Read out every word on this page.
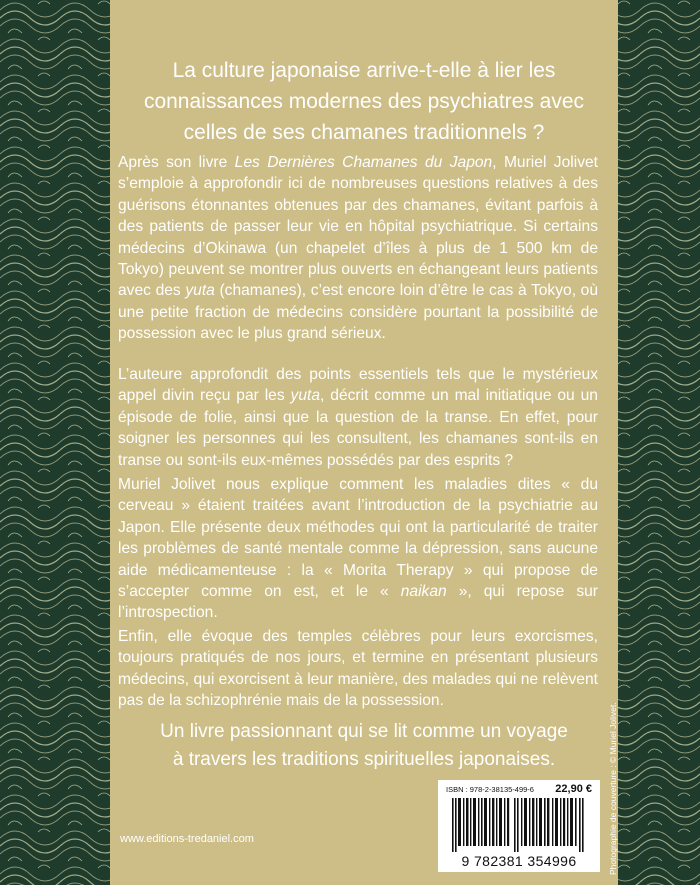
La culture japonaise arrive-t-elle à lier les
connaissances modernes des psychiatres avec
celles de ses chamanes traditionnels ?

Après son livre Les Dernières Chamanes du Japon, Muriel Jolivet s’emploie à approfondir ici de nombreuses questions relatives à des guérisons étonnantes obtenues par des chamanes, évitant parfois à des patients de passer leur vie en hôpital psychiatrique. Si certains médecins d’Okinawa (un chapelet d’îles à plus de 1 500 km de Tokyo) peuvent se montrer plus ouverts en échangeant leurs patients avec des yuta (chamanes), c’est encore loin d’être le cas à Tokyo, où une petite fraction de médecins considère pourtant la possibilité de possession avec le plus grand sérieux.

L’auteure approfondit des points essentiels tels que le mystérieux appel divin reçu par les yuta, décrit comme un mal initiatique ou un épisode de folie, ainsi que la question de la transe. En effet, pour soigner les personnes qui les consultent, les chamanes sont-ils en transe ou sont-ils eux-mêmes possédés par des esprits ?

Muriel Jolivet nous explique comment les maladies dites « du cerveau » étaient traitées avant l’introduction de la psychiatrie au Japon. Elle présente deux méthodes qui ont la particularité de traiter les problèmes de santé mentale comme la dépression, sans aucune aide médicamenteuse : la « Morita Therapy » qui propose de s’accepter comme on est, et le « naikan », qui repose sur l’introspection.

Enfin, elle évoque des temples célèbres pour leurs exorcismes, toujours pratiqués de nos jours, et termine en présentant plusieurs médecins, qui exorcisent à leur manière, des malades qui ne relèvent pas de la schizophrénie mais de la possession.

Un livre passionnant qui se lit comme un voyage
à travers les traditions spirituelles japonaises.
ISBN : 978-2-38135-499-6 22,90 €
9 782381 354996
www.editions-tredaniel.com	Photographie de couverture : © Muriel Jolivet.
